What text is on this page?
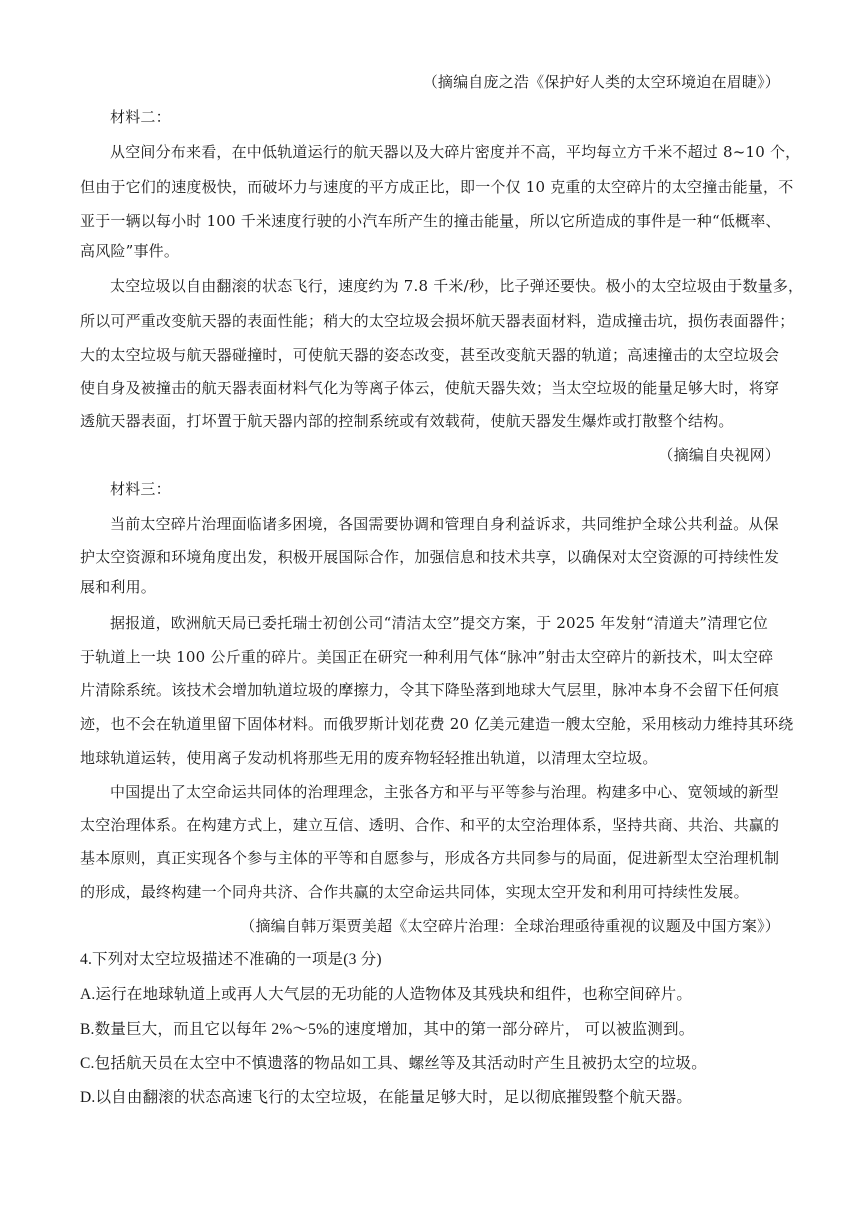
（摘编自庞之浩《保护好人类的太空环境迫在眉睫》）
材料二：
从空间分布来看，在中低轨道运行的航天器以及大碎片密度并不高，平均每立方千米不超过 8~10 个，
但由于它们的速度极快，而破坏力与速度的平方成正比，即一个仅 10 克重的太空碎片的太空撞击能量，不
亚于一辆以每小时 100 千米速度行驶的小汽车所产生的撞击能量，所以它所造成的事件是一种“低概率、
高风险”事件。
太空垃圾以自由翻滚的状态飞行，速度约为 7.8 千米/秒，比子弹还要快。极小的太空垃圾由于数量多，
所以可严重改变航天器的表面性能；稍大的太空垃圾会损坏航天器表面材料，造成撞击坑，损伤表面器件；
大的太空垃圾与航天器碰撞时，可使航天器的姿态改变，甚至改变航天器的轨道；高速撞击的太空垃圾会
使自身及被撞击的航天器表面材料气化为等离子体云，使航天器失效；当太空垃圾的能量足够大时，将穿
透航天器表面，打坏置于航天器内部的控制系统或有效载荷，使航天器发生爆炸或打散整个结构。
（摘编自央视网）
材料三：
当前太空碎片治理面临诸多困境，各国需要协调和管理自身利益诉求，共同维护全球公共利益。从保
护太空资源和环境角度出发，积极开展国际合作，加强信息和技术共享，以确保对太空资源的可持续性发
展和利用。
据报道，欧洲航天局已委托瑞士初创公司“清洁太空”提交方案，于 2025 年发射“清道夫”清理它位
于轨道上一块 100 公斤重的碎片。美国正在研究一种利用气体“脉冲”射击太空碎片的新技术，叫太空碎
片清除系统。该技术会增加轨道垃圾的摩擦力，令其下降坠落到地球大气层里，脉冲本身不会留下任何痕
迹，也不会在轨道里留下固体材料。而俄罗斯计划花费 20 亿美元建造一艘太空舱，采用核动力维持其环绕
地球轨道运转，使用离子发动机将那些无用的废弃物轻轻推出轨道，以清理太空垃圾。
中国提出了太空命运共同体的治理理念，主张各方和平与平等参与治理。构建多中心、宽领域的新型
太空治理体系。在构建方式上，建立互信、透明、合作、和平的太空治理体系，坚持共商、共治、共赢的
基本原则，真正实现各个参与主体的平等和自愿参与，形成各方共同参与的局面，促进新型太空治理机制
的形成，最终构建一个同舟共济、合作共赢的太空命运共同体，实现太空开发和利用可持续性发展。
（摘编自韩万渠贾美超《太空碎片治理：全球治理亟待重视的议题及中国方案》）
4.下列对太空垃圾描述不准确的一项是(3 分)
A.运行在地球轨道上或再人大气层的无功能的人造物体及其残块和组件，也称空间碎片。
B.数量巨大，而且它以每年 2%～5%的速度增加，其中的第一部分碎片， 可以被监测到。
C.包括航天员在太空中不慎遗落的物品如工具、螺丝等及其活动时产生且被扔太空的垃圾。
D.以自由翻滚的状态高速飞行的太空垃圾，在能量足够大时，足以彻底摧毁整个航天器。
